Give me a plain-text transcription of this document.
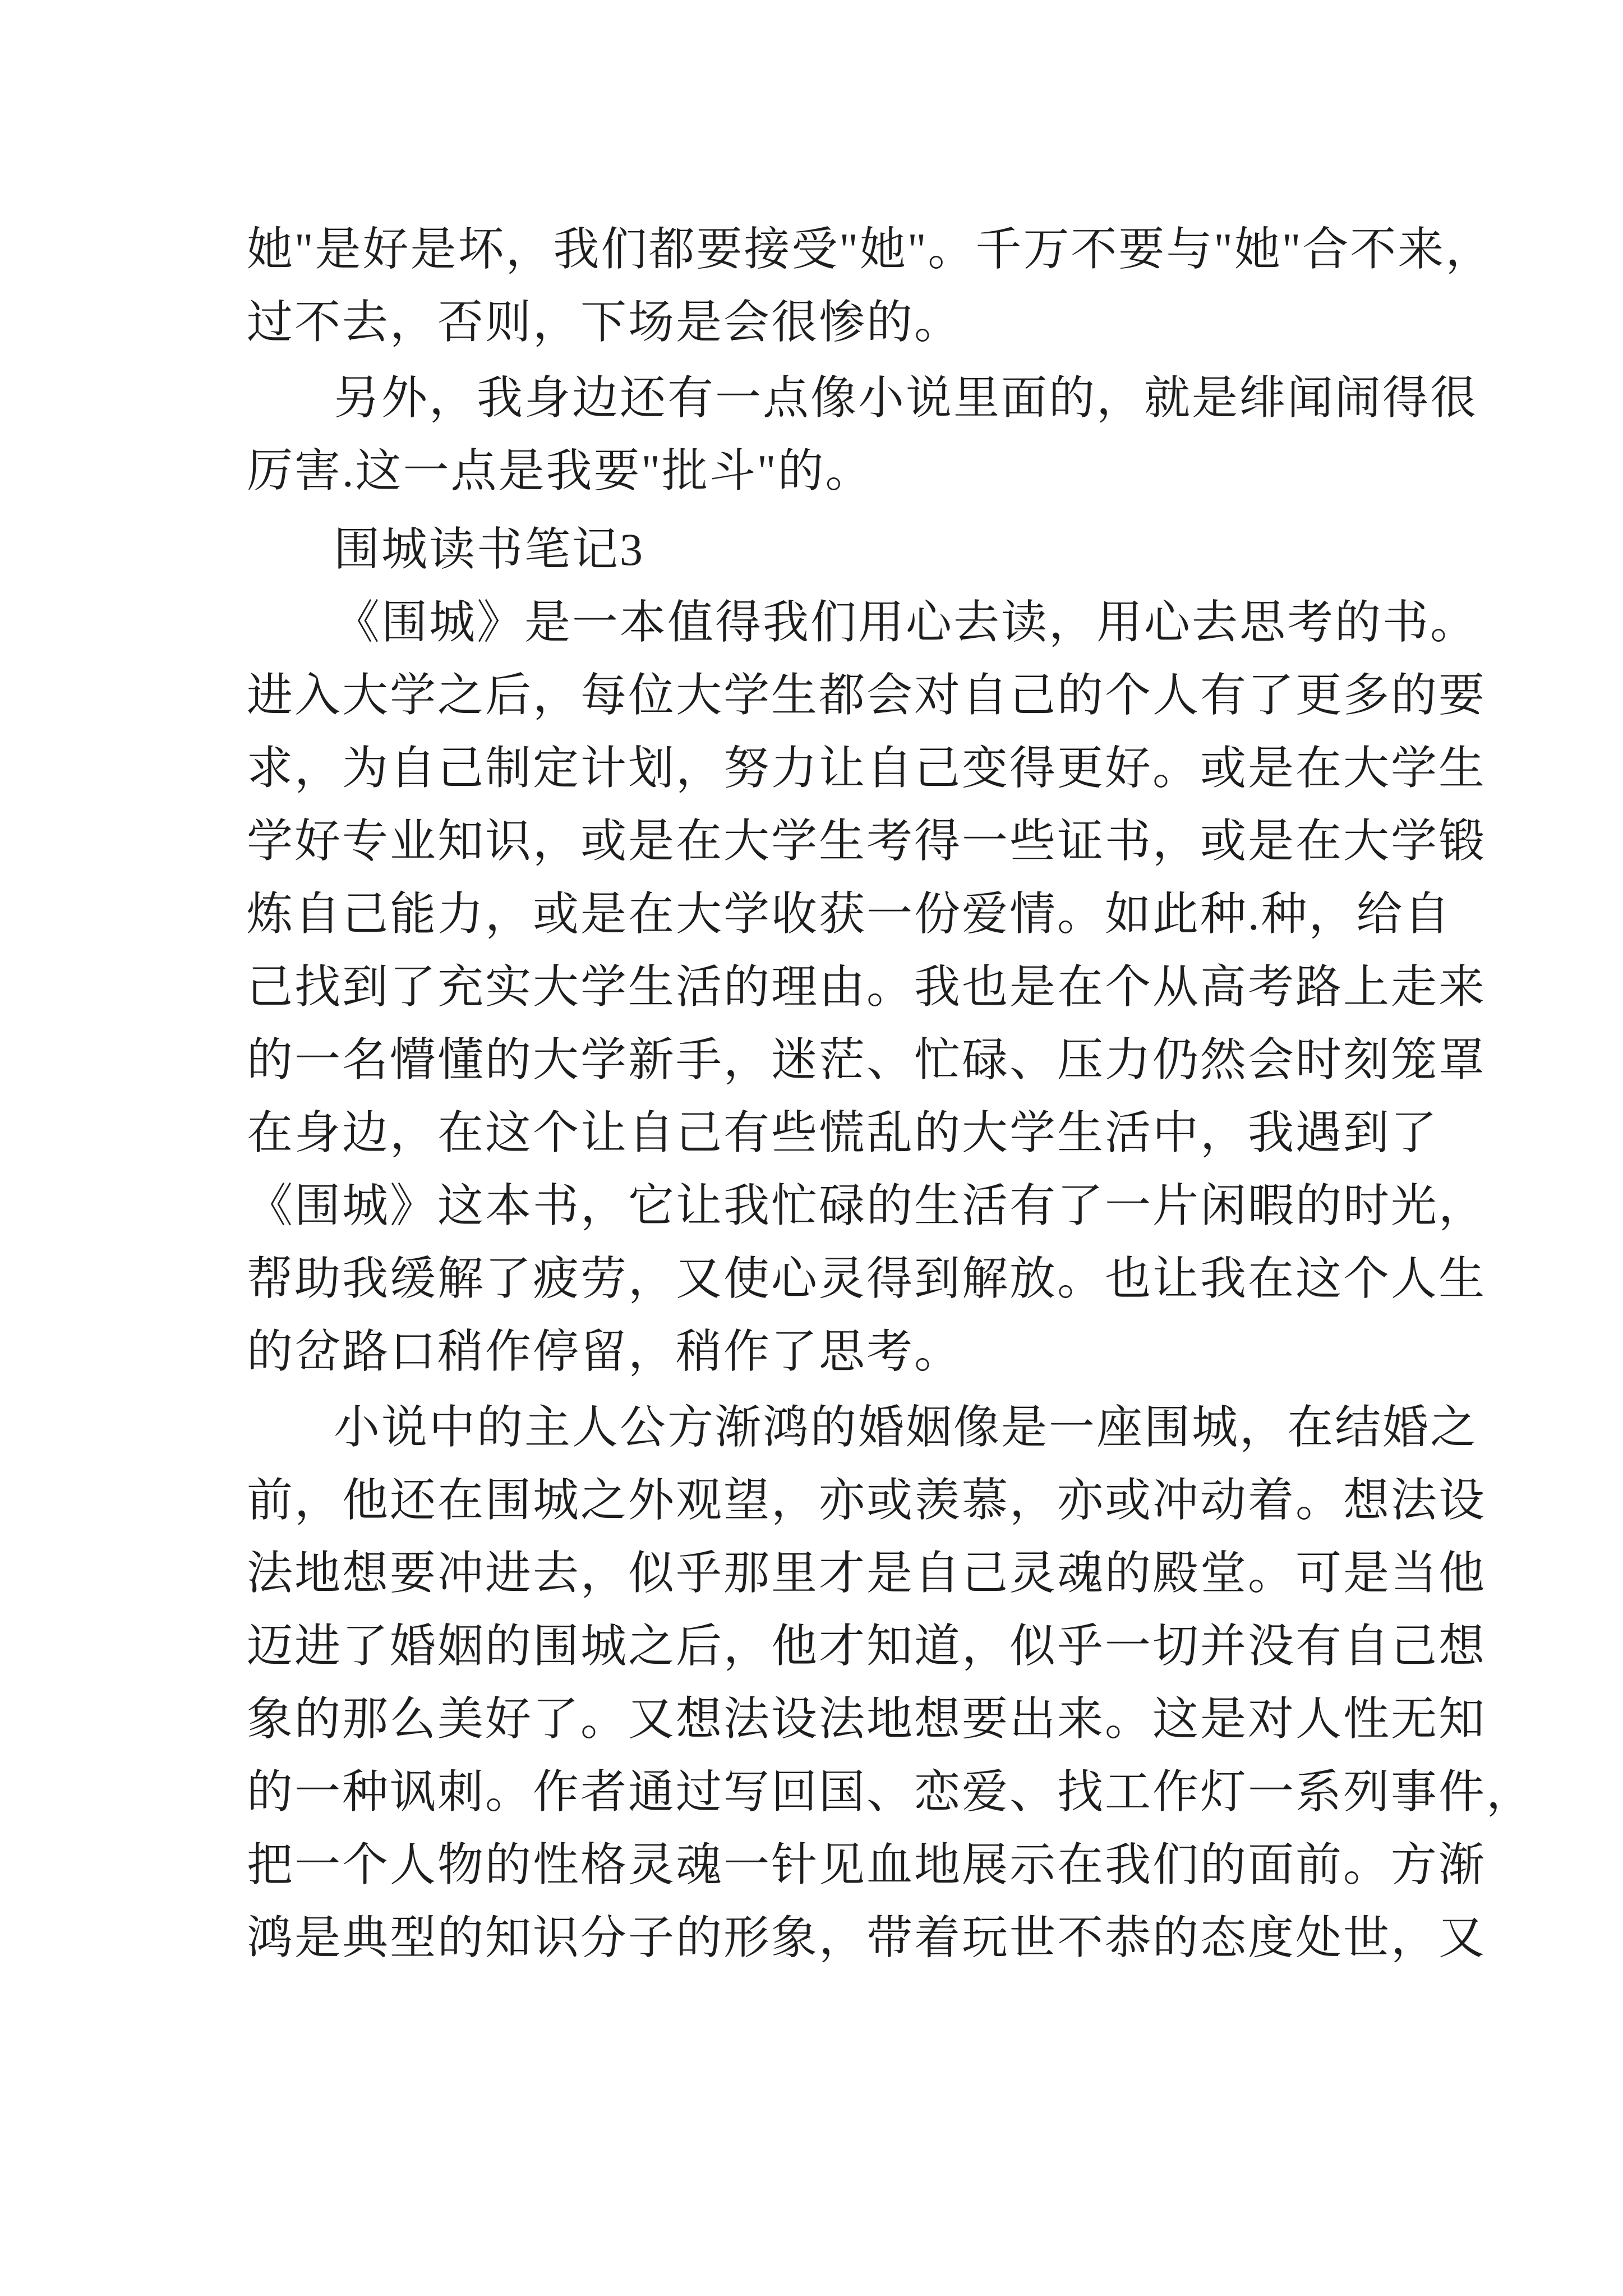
她"是好是坏，我们都要接受"她"。千万不要与"她"合不来，
过不去，否则，下场是会很惨的。
另外，我身边还有一点像小说里面的，就是绯闻闹得很
厉害.这一点是我要"批斗"的。
围城读书笔记3
《围城》是一本值得我们用心去读，用心去思考的书。
进入大学之后，每位大学生都会对自己的个人有了更多的要
求，为自己制定计划，努力让自己变得更好。或是在大学生
学好专业知识，或是在大学生考得一些证书，或是在大学锻
炼自己能力，或是在大学收获一份爱情。如此种.种，给自
己找到了充实大学生活的理由。我也是在个从高考路上走来
的一名懵懂的大学新手，迷茫、忙碌、压力仍然会时刻笼罩
在身边，在这个让自己有些慌乱的大学生活中，我遇到了
《围城》这本书，它让我忙碌的生活有了一片闲暇的时光，
帮助我缓解了疲劳，又使心灵得到解放。也让我在这个人生
的岔路口稍作停留，稍作了思考。
小说中的主人公方渐鸿的婚姻像是一座围城，在结婚之
前，他还在围城之外观望，亦或羡慕，亦或冲动着。想法设
法地想要冲进去，似乎那里才是自己灵魂的殿堂。可是当他
迈进了婚姻的围城之后，他才知道，似乎一切并没有自己想
象的那么美好了。又想法设法地想要出来。这是对人性无知
的一种讽刺。作者通过写回国、恋爱、找工作灯一系列事件，
把一个人物的性格灵魂一针见血地展示在我们的面前。方渐
鸿是典型的知识分子的形象，带着玩世不恭的态度处世，又
